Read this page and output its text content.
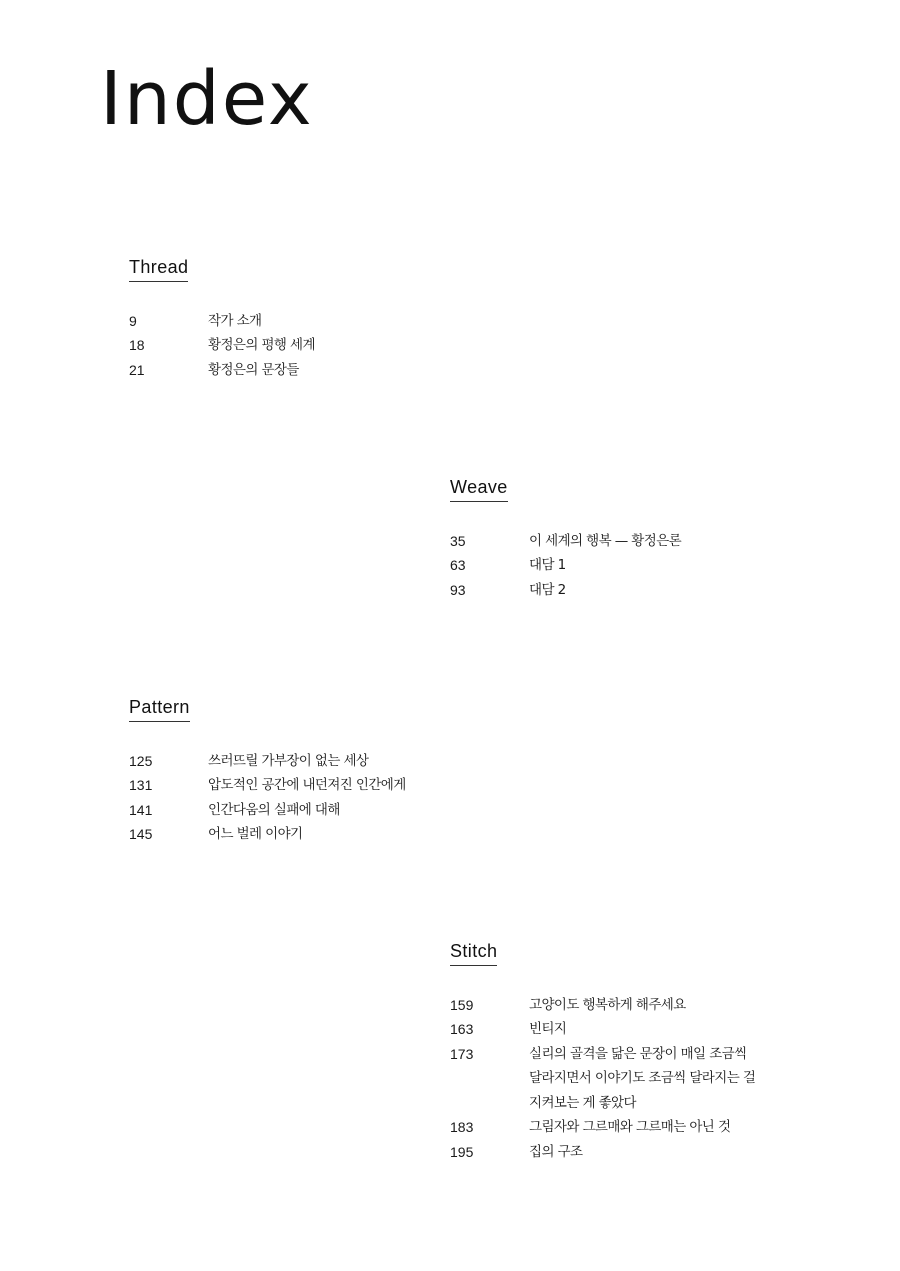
Index
Thread
9	작가 소개
18	황정은의 평행 세계
21	황정은의 문장들
Weave
35	이 세계의 행복 — 황정은론
63	대담 1
93	대담 2
Pattern
125	쓰러뜨릴 가부장이 없는 세상
131	압도적인 공간에 내던져진 인간에게
141	인간다움의 실패에 대해
145	어느 벌레 이야기
Stitch
159	고양이도 행복하게 해주세요
163	빈티지
173	실리의 골격을 닮은 문장이 매일 조금씩
달라지면서 이야기도 조금씩 달라지는 걸
지켜보는 게 좋았다
183	그림자와 그르매와 그르매는 아닌 것
195	집의 구조
